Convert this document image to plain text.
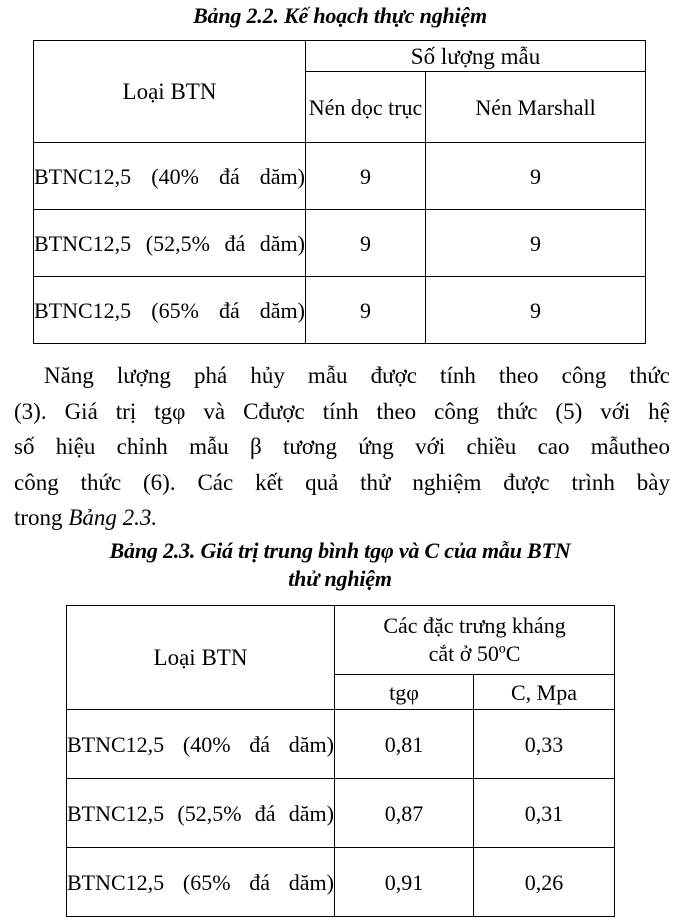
Bảng 2.2. Kế hoạch thực nghiệm
Loại BTN	Số lượng mẫu	
	Nén dọc trục	Nén Marshall
BTNC12,5 (40% đá dăm)	9	9
BTNC12,5 (52,5% đá dăm)	9	9
BTNC12,5 (65% đá dăm)	9	9
Năng lượng phá hủy mẫu được tính theo công thức
(3). Giá trị tgφ và Cđược tính theo công thức (5) với hệ
số hiệu chỉnh mẫu β tương ứng với chiều cao mẫutheo
công thức (6). Các kết quả thử nghiệm được trình bày
trong Bảng 2.3.
Bảng 2.3. Giá trị trung bình tgφ và C của mẫu BTN
thử nghiệm
Loại BTN	Các đặc trưng kháng
cắt ở 50ºC	
	tgφ	C, Mpa
BTNC12,5 (40% đá dăm)	0,81	0,33
BTNC12,5 (52,5% đá dăm)	0,87	0,31
BTNC12,5 (65% đá dăm)	0,91	0,26
